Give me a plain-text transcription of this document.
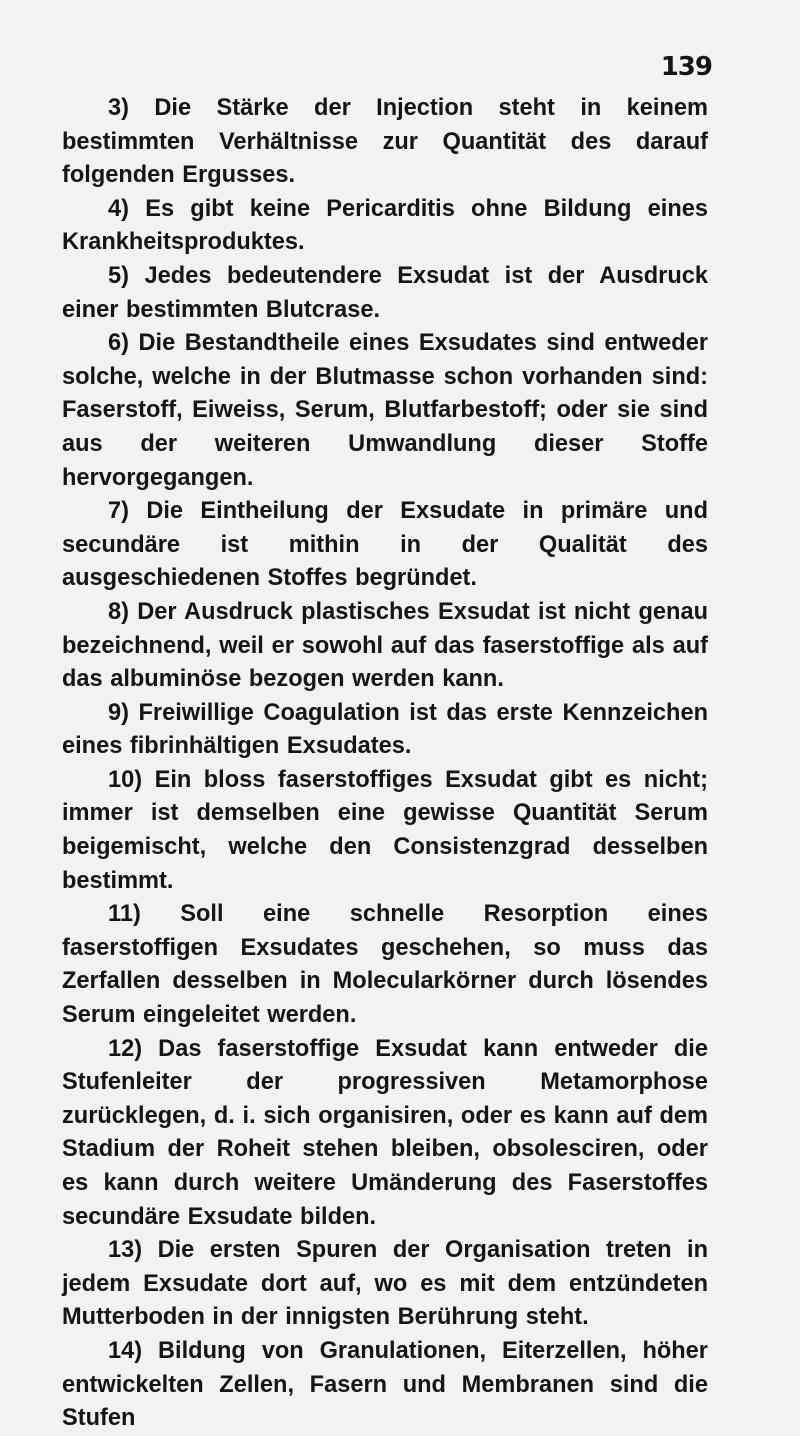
139

3) Die Stärke der Injection steht in keinem bestimmten Verhältnisse zur Quantität des darauf folgenden Ergusses.

4) Es gibt keine Pericarditis ohne Bildung eines Krankheitsproduktes.

5) Jedes bedeutendere Exsudat ist der Ausdruck einer bestimmten Blutcrase.

6) Die Bestandtheile eines Exsudates sind entweder solche, welche in der Blutmasse schon vorhanden sind: Faserstoff, Eiweiss, Serum, Blutfarbestoff; oder sie sind aus der weiteren Umwandlung dieser Stoffe hervorgegangen.

7) Die Eintheilung der Exsudate in primäre und secundäre ist mithin in der Qualität des ausgeschiedenen Stoffes begründet.

8) Der Ausdruck plastisches Exsudat ist nicht genau bezeichnend, weil er sowohl auf das faserstoffige als auf das albuminöse bezogen werden kann.

9) Freiwillige Coagulation ist das erste Kennzeichen eines fibrinhältigen Exsudates.

10) Ein bloss faserstoffiges Exsudat gibt es nicht; immer ist demselben eine gewisse Quantität Serum beigemischt, welche den Consistenzgrad desselben bestimmt.

11) Soll eine schnelle Resorption eines faserstoffigen Exsudates geschehen, so muss das Zerfallen desselben in Molecularkörner durch lösendes Serum eingeleitet werden.

12) Das faserstoffige Exsudat kann entweder die Stufenleiter der progressiven Metamorphose zurücklegen, d. i. sich organisiren, oder es kann auf dem Stadium der Roheit stehen bleiben, obsolesciren, oder es kann durch weitere Umänderung des Faserstoffes secundäre Exsudate bilden.

13) Die ersten Spuren der Organisation treten in jedem Exsudate dort auf, wo es mit dem entzündeten Mutterboden in der innigsten Berührung steht.

14) Bildung von Granulationen, Eiterzellen, höher entwickelten Zellen, Fasern und Membranen sind die Stufen
